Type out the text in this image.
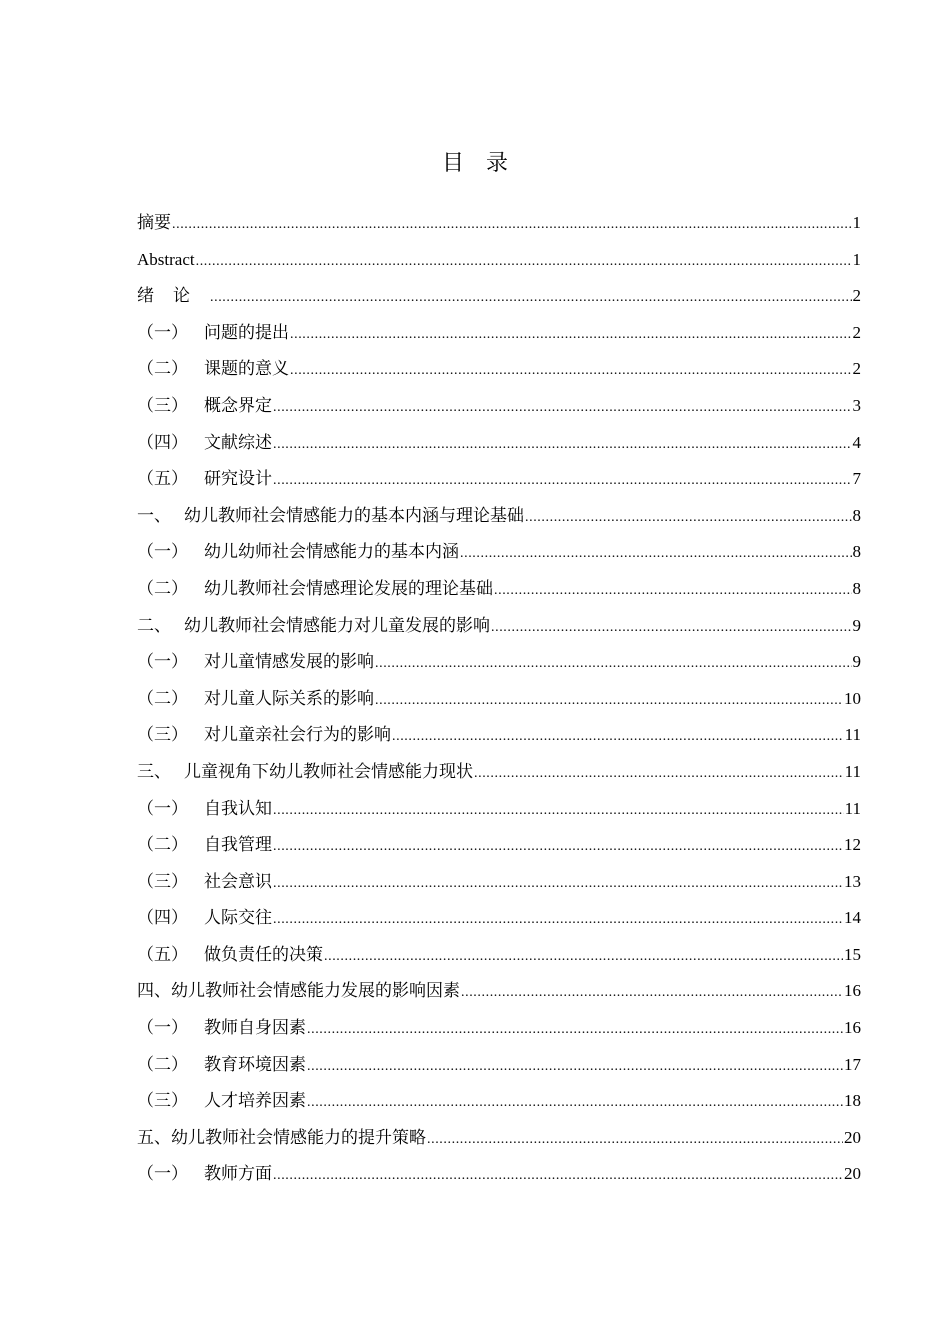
目    录
摘要 .....	1
Abstract .....	1
绪论 .....	2
（一） 问题的提出 .....	2
（二） 课题的意义 .....	2
（三） 概念界定 .....	3
（四） 文献综述 .....	4
（五） 研究设计 .....	7
一、 幼儿教师社会情感能力的基本内涵与理论基础 .....	8
（一） 幼儿幼师社会情感能力的基本内涵 .....	8
（二） 幼儿教师社会情感理论发展的理论基础 .....	8
二、 幼儿教师社会情感能力对儿童发展的影响 .....	9
（一） 对儿童情感发展的影响 .....	9
（二） 对儿童人际关系的影响 .....	10
（三） 对儿童亲社会行为的影响 .....	11
三、 儿童视角下幼儿教师社会情感能力现状 .....	11
（一） 自我认知 .....	11
（二） 自我管理 .....	12
（三） 社会意识 .....	13
（四） 人际交往 .....	14
（五） 做负责任的决策 .....	15
四、 幼儿教师社会情感能力发展的影响因素 .....	16
（一） 教师自身因素 .....	16
（二） 教育环境因素 .....	17
（三） 人才培养因素 .....	18
五、 幼儿教师社会情感能力的提升策略 .....	20
（一） 教师方面 .....	20
